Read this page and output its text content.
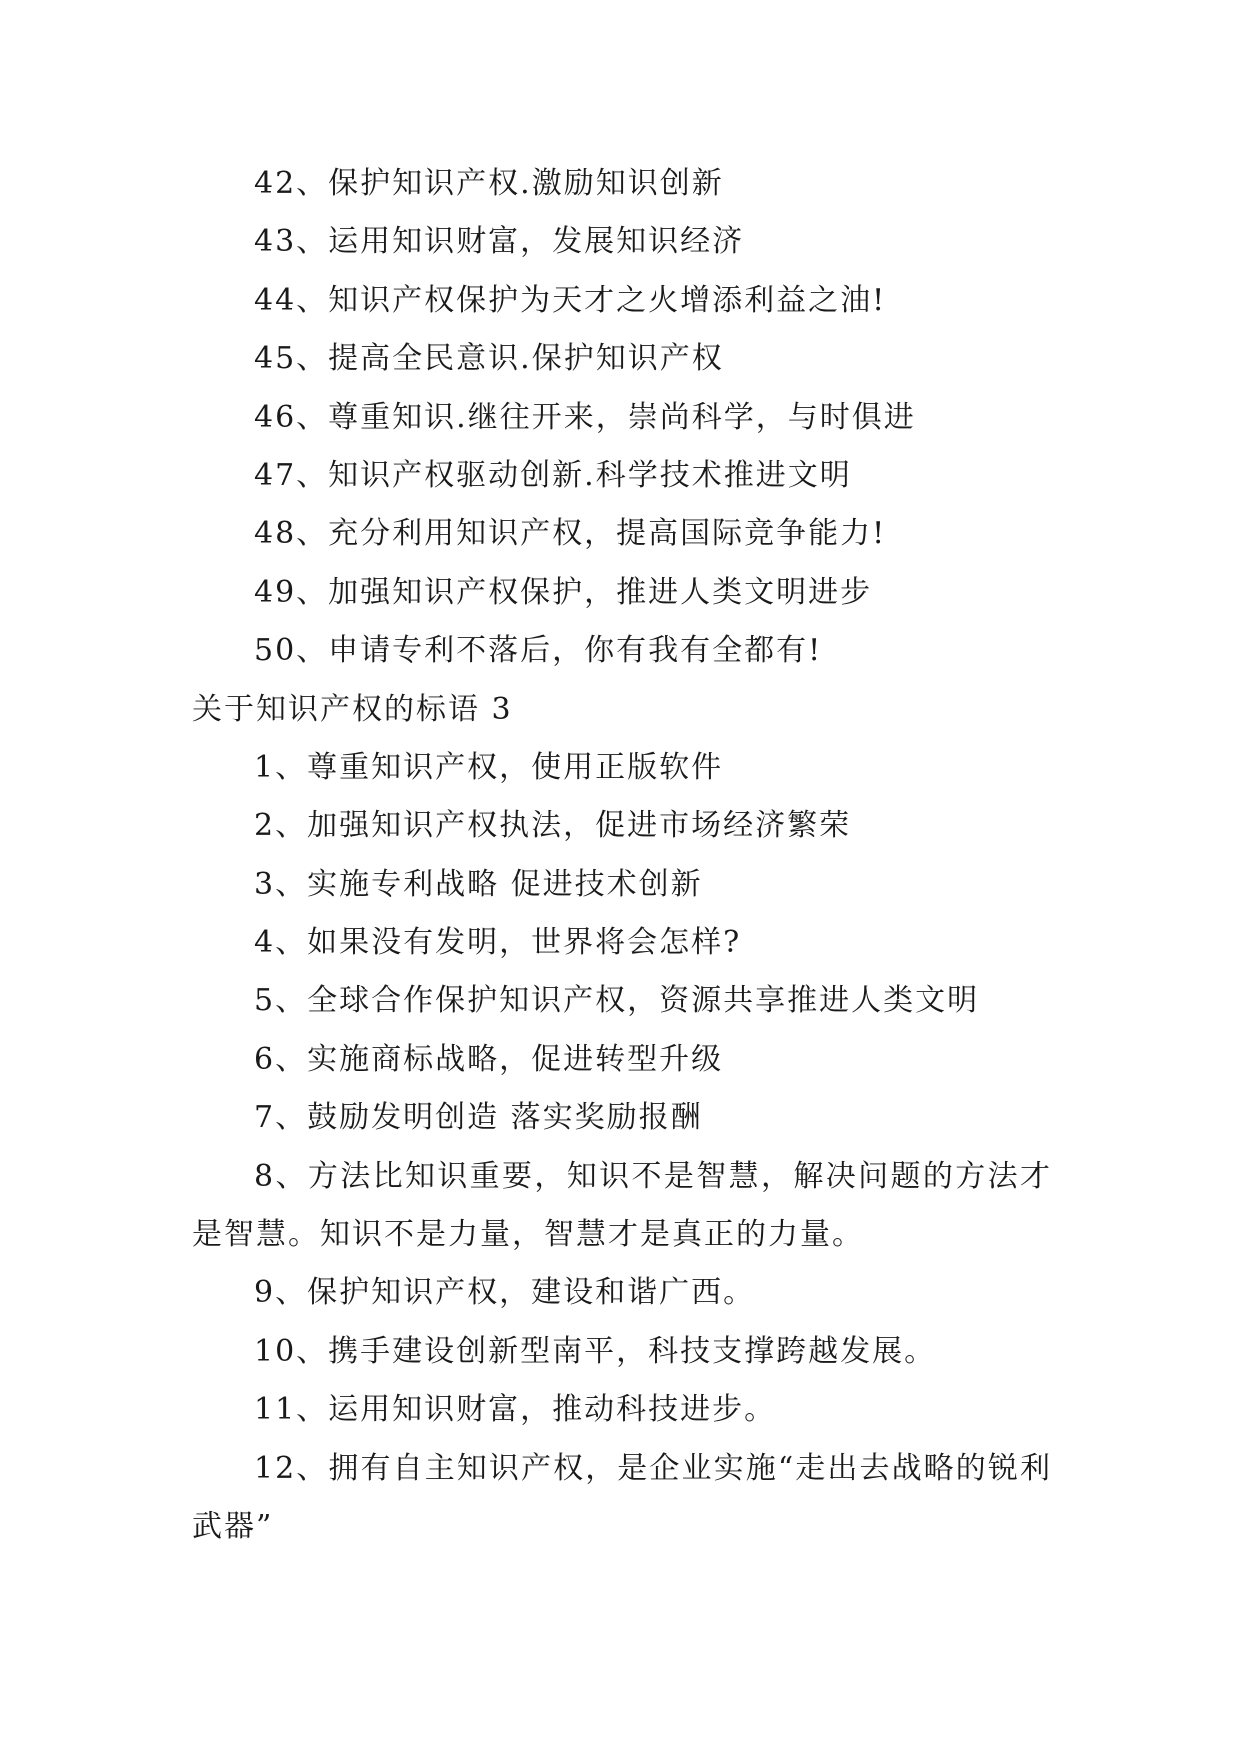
42、保护知识产权.激励知识创新
43、运用知识财富，发展知识经济
44、知识产权保护为天才之火增添利益之油!
45、提高全民意识.保护知识产权
46、尊重知识.继往开来，崇尚科学，与时俱进
47、知识产权驱动创新.科学技术推进文明
48、充分利用知识产权，提高国际竞争能力!
49、加强知识产权保护，推进人类文明进步
50、申请专利不落后，你有我有全都有!
关于知识产权的标语 3
1、尊重知识产权，使用正版软件
2、加强知识产权执法，促进市场经济繁荣
3、实施专利战略 促进技术创新
4、如果没有发明，世界将会怎样?
5、全球合作保护知识产权，资源共享推进人类文明
6、实施商标战略，促进转型升级
7、鼓励发明创造 落实奖励报酬
8、方法比知识重要，知识不是智慧，解决问题的方法才是智慧。知识不是力量，智慧才是真正的力量。
9、保护知识产权，建设和谐广西。
10、携手建设创新型南平，科技支撑跨越发展。
11、运用知识财富，推动科技进步。
12、拥有自主知识产权，是企业实施“走出去战略的锐利武器”
